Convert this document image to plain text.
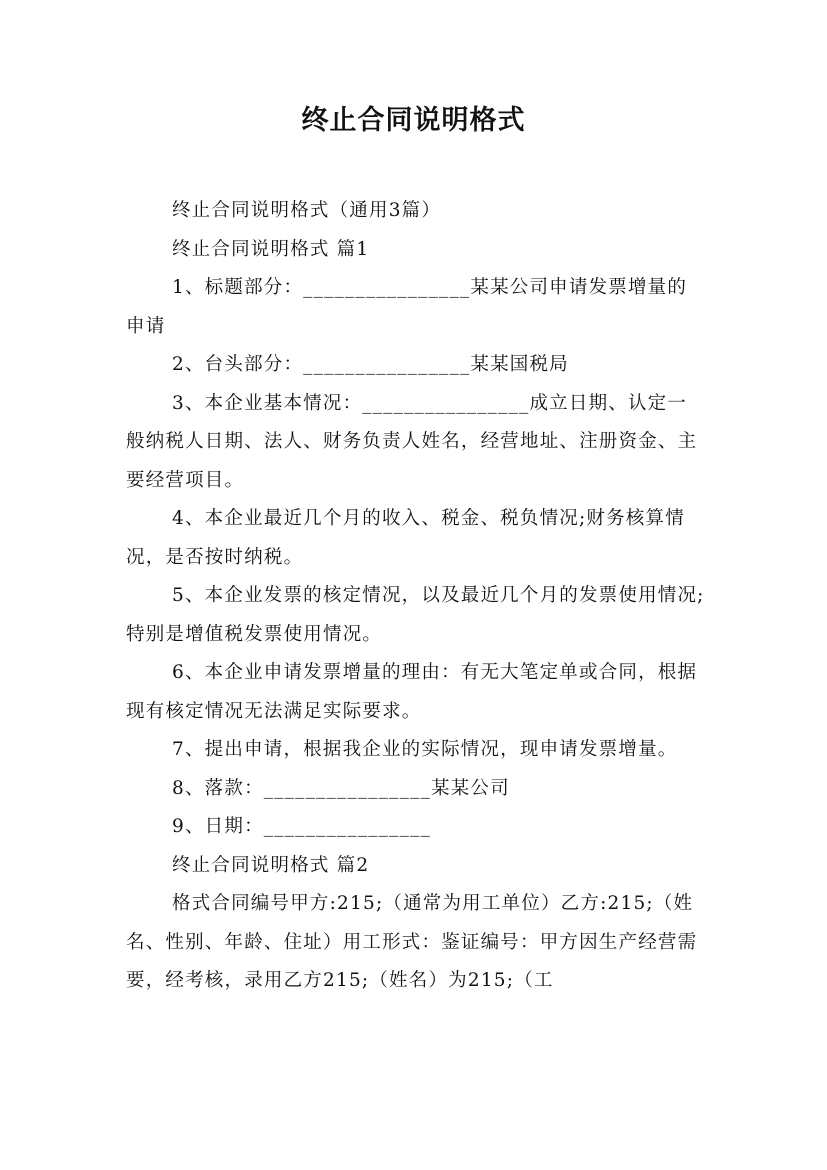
终止合同说明格式

终止合同说明格式（通用3篇）

终止合同说明格式 篇1

1、标题部分：________________某某公司申请发票增量的申请

2、台头部分：________________某某国税局

3、本企业基本情况：________________成立日期、认定一般纳税人日期、法人、财务负责人姓名，经营地址、注册资金、主要经营项目。

4、本企业最近几个月的收入、税金、税负情况;财务核算情况，是否按时纳税。

5、本企业发票的核定情况，以及最近几个月的发票使用情况;特别是增值税发票使用情况。

6、本企业申请发票增量的理由：有无大笔定单或合同，根据现有核定情况无法满足实际要求。

7、提出申请，根据我企业的实际情况，现申请发票增量。

8、落款：________________某某公司

9、日期：________________

终止合同说明格式 篇2

格式合同编号甲方:215;（通常为用工单位）乙方:215;（姓名、性别、年龄、住址）用工形式：鉴证编号：甲方因生产经营需要，经考核，录用乙方215;（姓名）为215;（工
